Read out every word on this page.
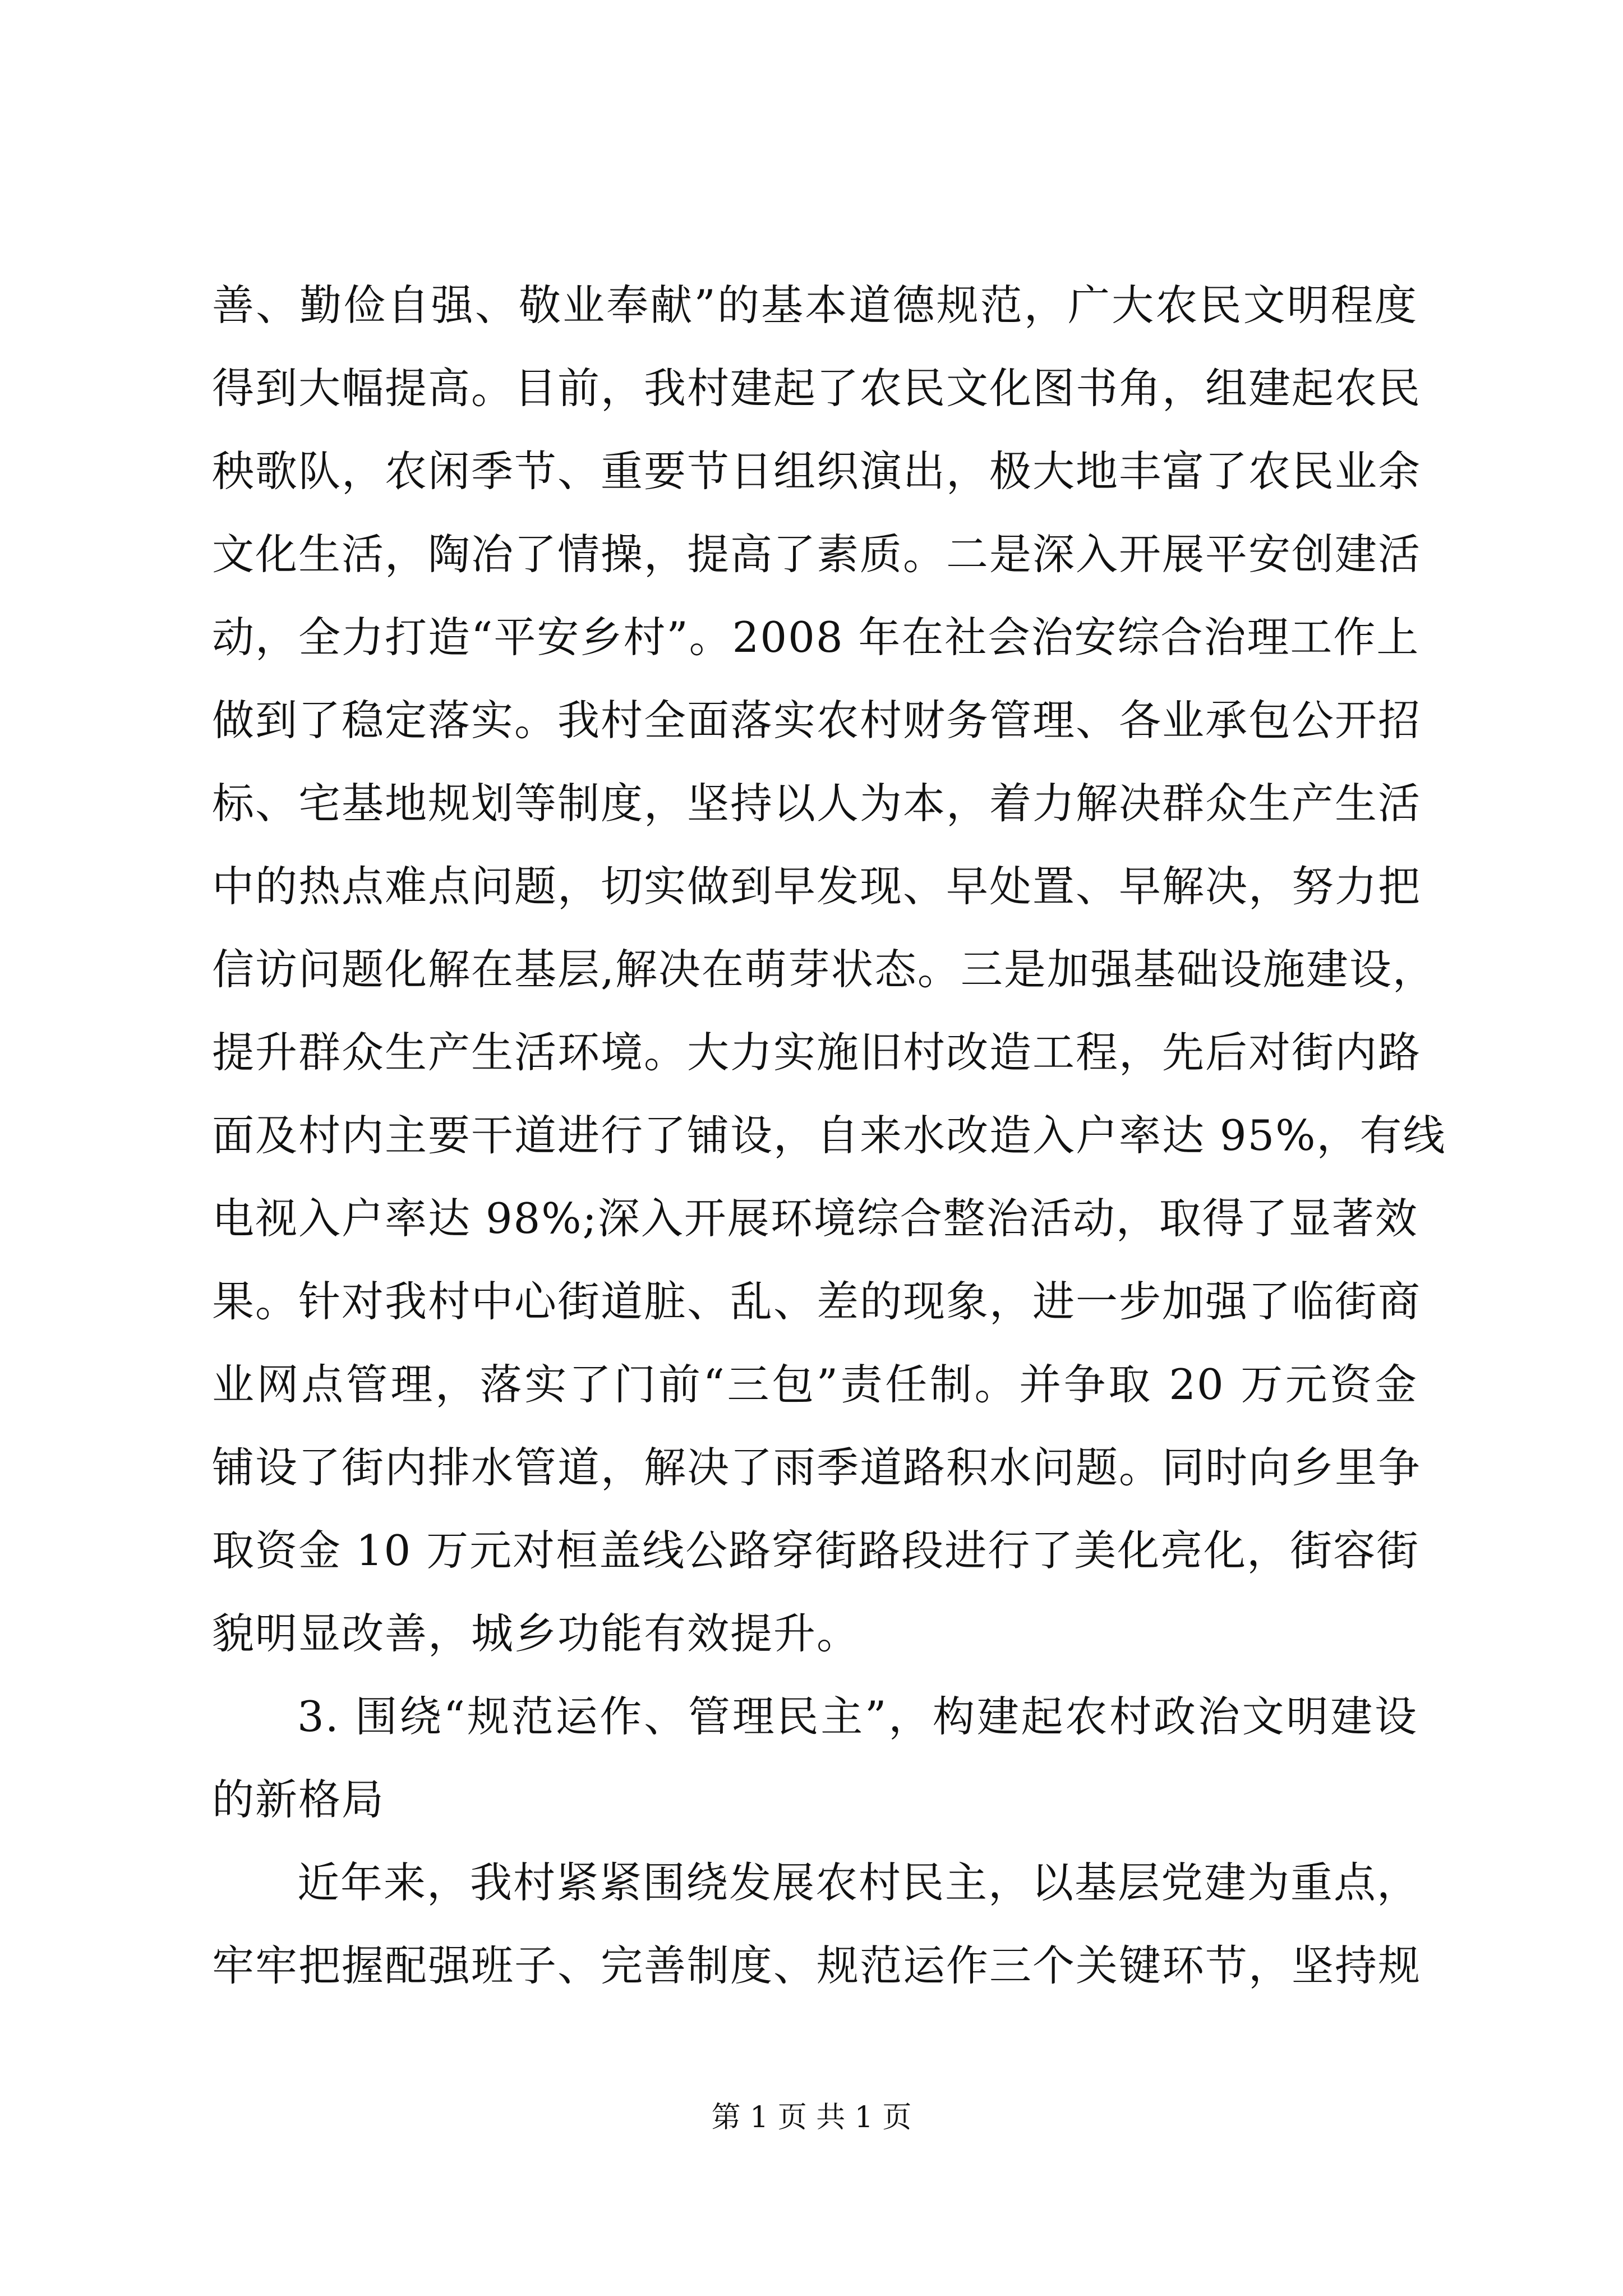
善、勤俭自强、敬业奉献”的基本道德规范，广大农民文明程度
得到大幅提高。目前，我村建起了农民文化图书角，组建起农民
秧歌队，农闲季节、重要节日组织演出，极大地丰富了农民业余
文化生活，陶冶了情操，提高了素质。二是深入开展平安创建活
动，全力打造“平安乡村”。2008 年在社会治安综合治理工作上
做到了稳定落实。我村全面落实农村财务管理、各业承包公开招
标、宅基地规划等制度，坚持以人为本，着力解决群众生产生活
中的热点难点问题，切实做到早发现、早处置、早解决，努力把
信访问题化解在基层,解决在萌芽状态。三是加强基础设施建设，
提升群众生产生活环境。大力实施旧村改造工程，先后对街内路
面及村内主要干道进行了铺设，自来水改造入户率达 95%，有线
电视入户率达 98%;深入开展环境综合整治活动，取得了显著效
果。针对我村中心街道脏、乱、差的现象，进一步加强了临街商
业网点管理，落实了门前“三包”责任制。并争取 20 万元资金
铺设了街内排水管道，解决了雨季道路积水问题。同时向乡里争
取资金 10 万元对桓盖线公路穿街路段进行了美化亮化，街容街
貌明显改善，城乡功能有效提升。
3. 围绕“规范运作、管理民主”，构建起农村政治文明建设
的新格局
近年来，我村紧紧围绕发展农村民主，以基层党建为重点，
牢牢把握配强班子、完善制度、规范运作三个关键环节，坚持规
第 1 页 共 1 页
